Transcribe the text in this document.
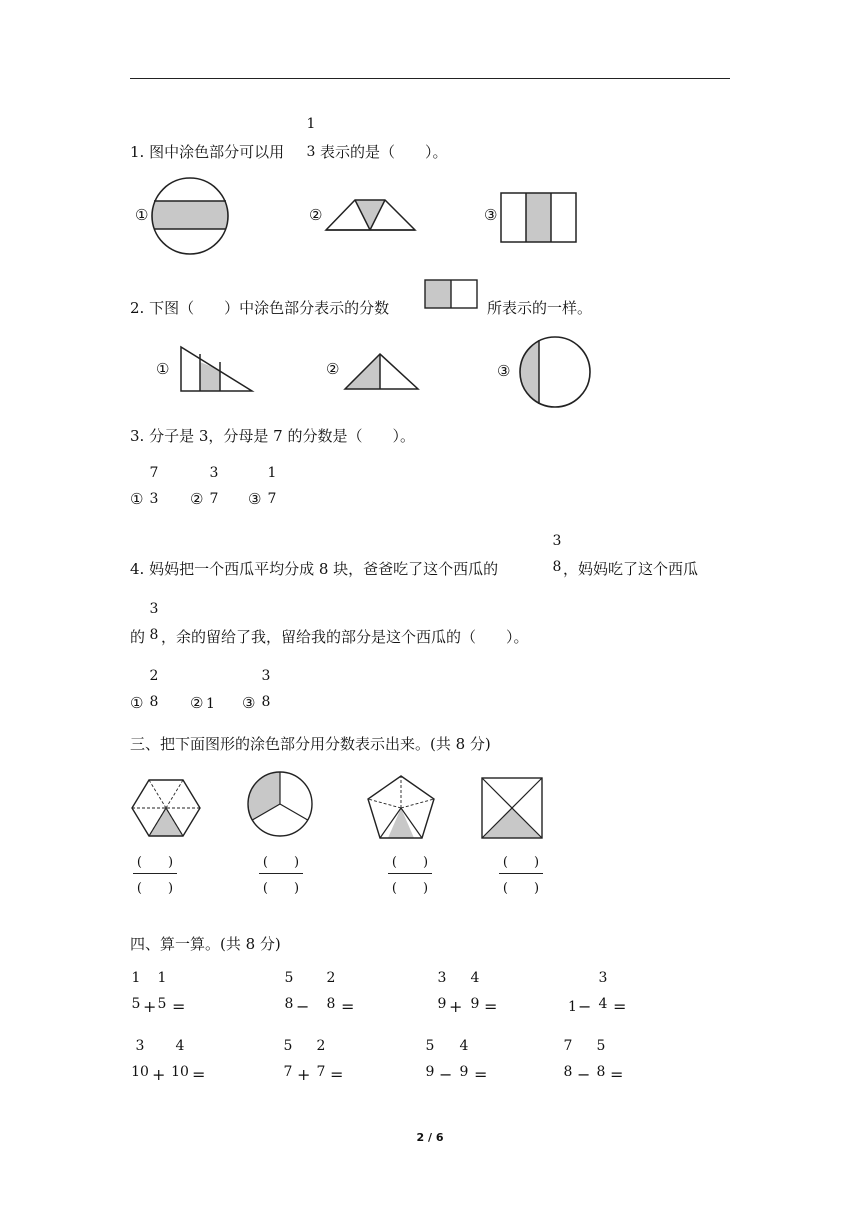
1. 图中涂色部分可以用
1
3 表示的是（　　）。
①	②	③
2. 下图（　　）中涂色部分表示的分数	所表示的一样。
①	②	③
3. 分子是 3，分母是 7 的分数是（　　）。
①
7
3 ②
3
7 ③
1
7
4. 妈妈把一个西瓜平均分成 8 块，爸爸吃了这个西瓜的
3
8 ，妈妈吃了这个西瓜
的
3
8 ，余的留给了我，留给我的部分是这个西瓜的（　　）。
①
2
8 ② 1 ③
3
8
三、把下面图形的涂色部分用分数表示出来。(共 8 分)
(　　)
(　　)
(　　)
(　　)
(　　)
(　　)
(　　)
(　　)
四、算一算。(共 8 分)
1
5 +
1
5 =
5
8 −
2
8 =
3
9 +
4
9 =	1 −
3
4 =
3
10 +
4
10 =
5
7 +
2
7 =
5
9 −
4
9 =
7
8 −
5
8 =
2 / 6
